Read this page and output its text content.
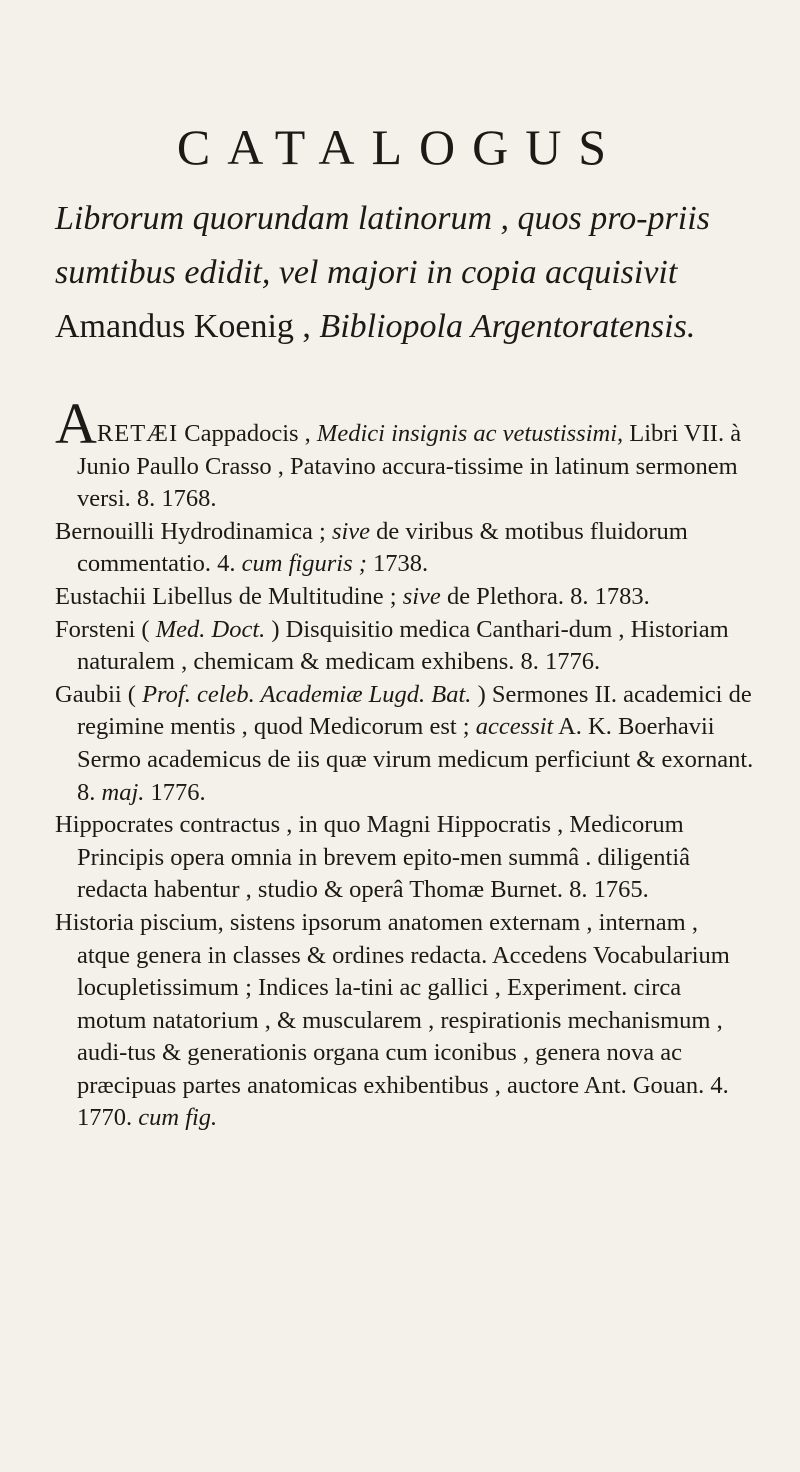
CATALOGUS

Librorum quorundam latinorum , quos pro-priis sumtibus edidit, vel majori in copia acquisivit Amandus Koenig , Bibliopola Argentoratensis.

ARETÆI Cappadocis , Medici insignis ac vetustissimi, Libri VII. à Junio Paullo Crasso , Patavino accura-tissime in latinum sermonem versi. 8. 1768.
Bernouilli Hydrodinamica ; sive de viribus & motibus fluidorum commentatio. 4. cum figuris ; 1738.
Eustachii Libellus de Multitudine ; sive de Plethora. 8. 1783.
Forsteni ( Med. Doct. ) Disquisitio medica Canthari-dum , Historiam naturalem , chemicam & medicam exhibens. 8. 1776.
Gaubii ( Prof. celeb. Academiæ Lugd. Bat. ) Sermones II. academici de regimine mentis , quod Medicorum est ; accessit A. K. Boerhavii Sermo academicus de iis quæ virum medicum perficiunt & exornant. 8. maj. 1776.
Hippocrates contractus , in quo Magni Hippocratis , Medicorum Principis opera omnia in brevem epito-men summâ . diligentiâ redacta habentur , studio & operâ Thomæ Burnet. 8. 1765.
Historia piscium, sistens ipsorum anatomen externam , internam , atque genera in classes & ordines redacta. Accedens Vocabularium locupletissimum ; Indices la-tini ac gallici , Experiment. circa motum natatorium , & muscularem , respirationis mechanismum , audi-tus & generationis organa cum iconibus , genera nova ac præcipuas partes anatomicas exhibentibus , auctore Ant. Gouan. 4. 1770. cum fig.
